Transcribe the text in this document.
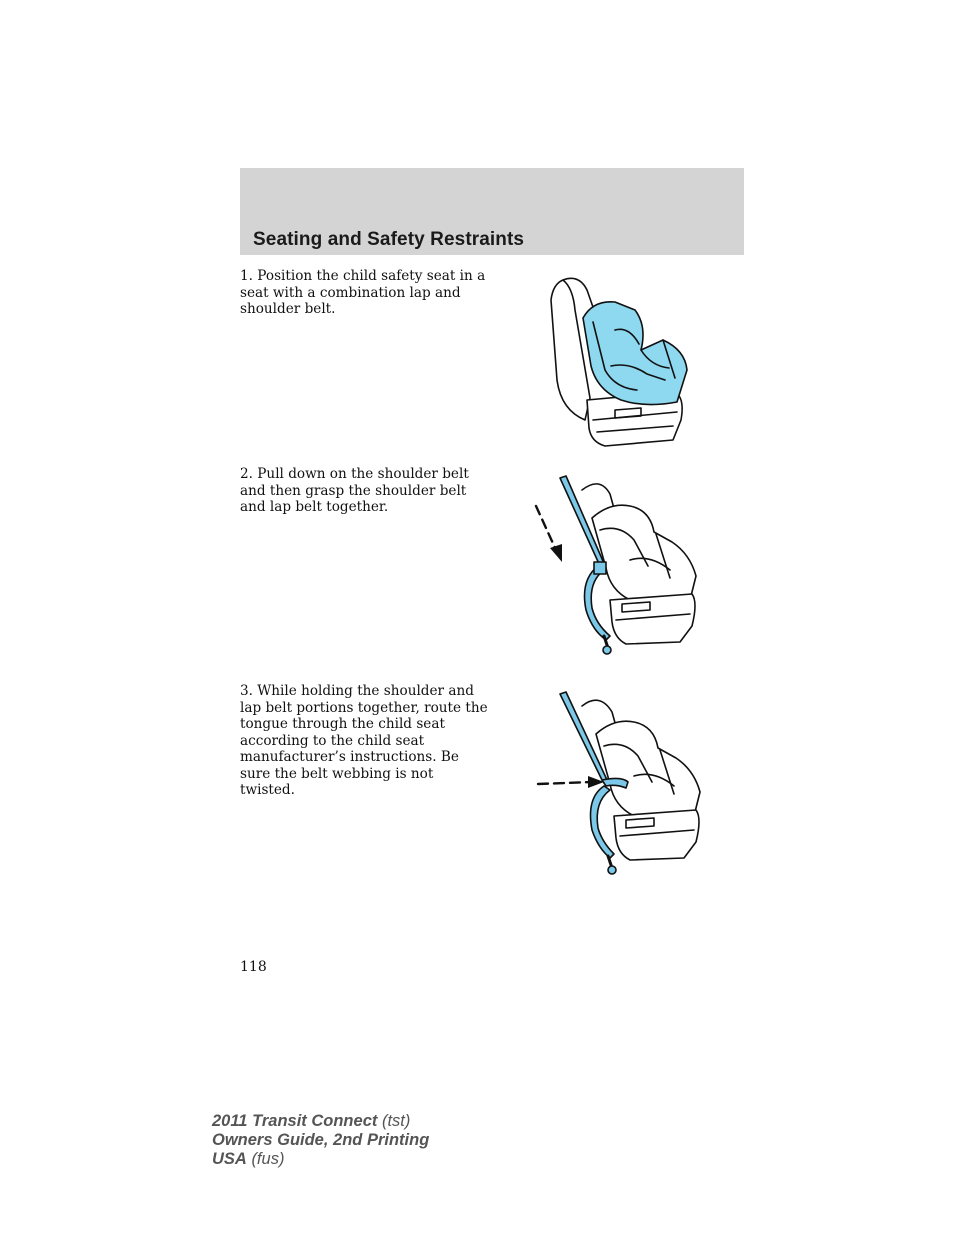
Seating and Safety Restraints

1. Position the child safety seat in a seat with a combination lap and shoulder belt.

2. Pull down on the shoulder belt and then grasp the shoulder belt and lap belt together.

3. While holding the shoulder and lap belt portions together, route the tongue through the child seat according to the child seat manufacturer’s instructions. Be sure the belt webbing is not twisted.

118
2011 Transit Connect (tst)
Owners Guide, 2nd Printing
USA (fus)
